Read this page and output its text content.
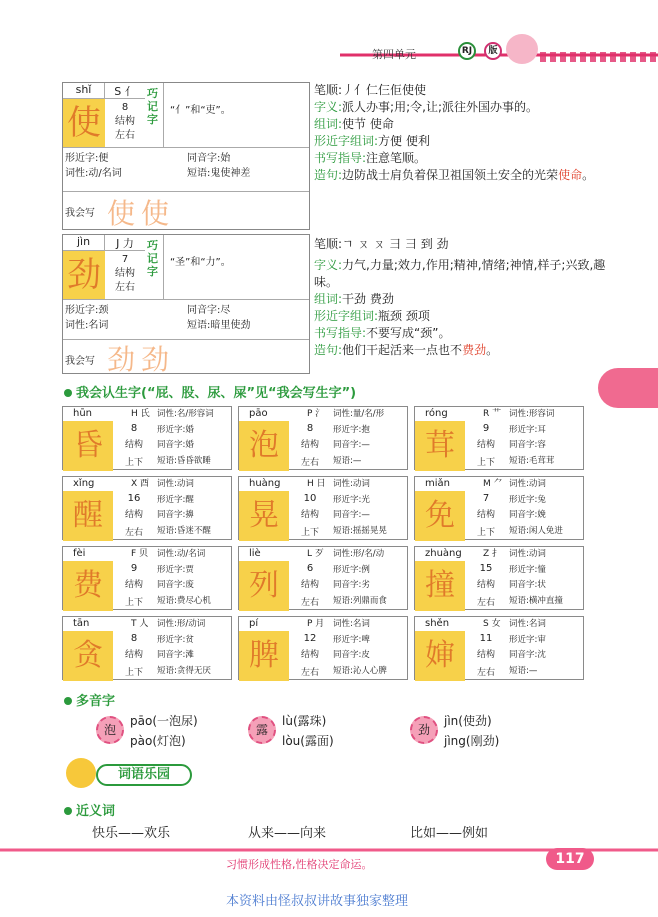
第四单元	RJ	版
shǐ	S 亻
使	8
结构
左右
巧记字
“亻”和“吏”。
形近字:便	同音字:始
词性:动/名词	短语:鬼使神差
我会写 使使
笔顺:丿亻仁仨佢使使
字义:派人办事;用;令,让;派往外国办事的。
组词:使节 使命
形近字组词:方便 便利
书写指导:注意笔顺。
造句:边防战士肩负着保卫祖国领土安全的光荣使命。
jìn	J 力
劲	7
结构
左右
巧记字
“圣”和“力”。
形近字:颈	同音字:尽
词性:名词	短语:暗里使劲
我会写 劲劲
笔顺:ㄱ ㄡ ㄡ 彐 彐 到 劲
字义:力气,力量;效力,作用;精神,情绪;神情,样子;兴致,趣味。
组词:干劲 费劲
形近字组词:瓶颈 颈项
书写指导:不要写成“颈”。
造句:他们干起活来一点也不费劲。
我会认生字(“屁、股、尿、屎”见“我会写生字”)
hūn	H 氏
昏	8
结构
上下
词性:名/形容词
形近字:婚
同音字:婚
短语:昏昏欲睡
pāo	P 氵
泡	8
结构
左右
词性:量/名/形
形近字:抱
同音字:—
短语:—
róng	R 艹
茸	9
结构
上下
词性:形容词
形近字:耳
同音字:容
短语:毛茸茸
xǐng	X 酉
醒	16
结构
左右
词性:动词
形近字:醒
同音字:擤
短语:昏迷不醒
huàng	H 日
晃	10
结构
上下
词性:动词
形近字:光
同音字:—
短语:摇摇晃晃
miǎn	M ⺈
免	7
结构
上下
词性:动词
形近字:兔
同音字:娩
短语:闲人免进
fèi	F 贝
费	9
结构
上下
词性:动/名词
形近字:贾
同音字:废
短语:费尽心机
liè	L 歹
列	6
结构
左右
词性:形/名/动
形近字:例
同音字:劣
短语:列鼎而食
zhuàng	Z 扌
撞	15
结构
左右
词性:动词
形近字:憧
同音字:状
短语:横冲直撞
tān	T 人
贪	8
结构
上下
词性:形/动词
形近字:贫
同音字:滩
短语:贪得无厌
pí	P 月
脾	12
结构
左右
词性:名词
形近字:啤
同音字:皮
短语:沁人心脾
shěn	S 女
婶	11
结构
左右
词性:名词
形近字:审
同音字:沈
短语:—
多音字
泡
pāo(一泡尿)
pào(灯泡)
露
lù(露珠)
lòu(露面)
劲
jìn(使劲)
jìng(刚劲)
词语乐园
近义词
快乐——欢乐	从来——向来	比如——例如
习惯形成性格,性格决定命运。	117
本资料由怪叔叔讲故事独家整理
